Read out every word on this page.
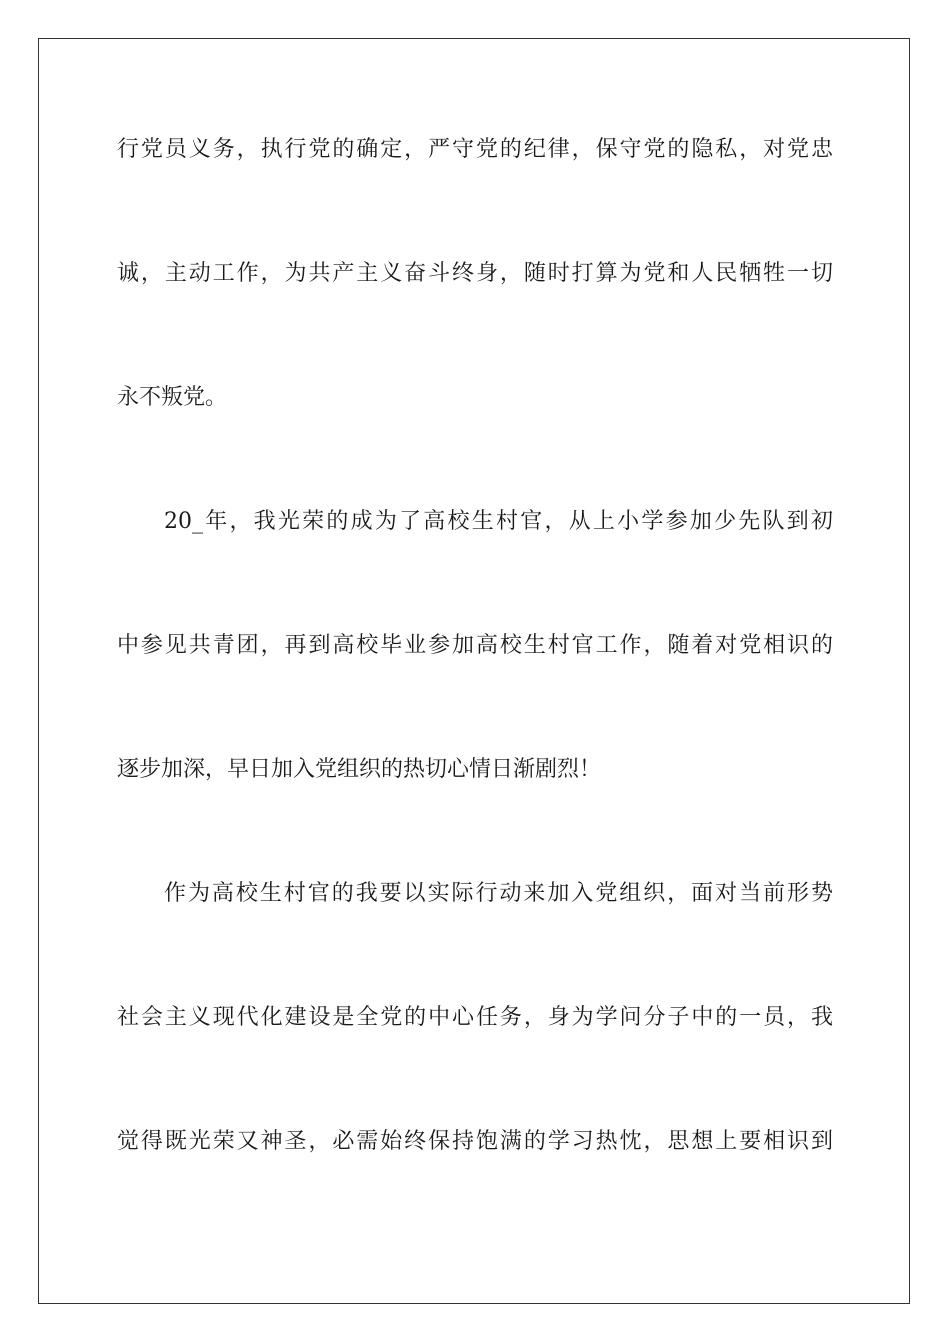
行党员义务，执行党的确定，严守党的纪律，保守党的隐私，对党忠
诚，主动工作，为共产主义奋斗终身，随时打算为党和人民牺牲一切
永不叛党。
20_年，我光荣的成为了高校生村官，从上小学参加少先队到初
中参见共青团，再到高校毕业参加高校生村官工作，随着对党相识的
逐步加深，早日加入党组织的热切心情日渐剧烈！
作为高校生村官的我要以实际行动来加入党组织，面对当前形势
社会主义现代化建设是全党的中心任务，身为学问分子中的一员，我
觉得既光荣又神圣，必需始终保持饱满的学习热忱，思想上要相识到
